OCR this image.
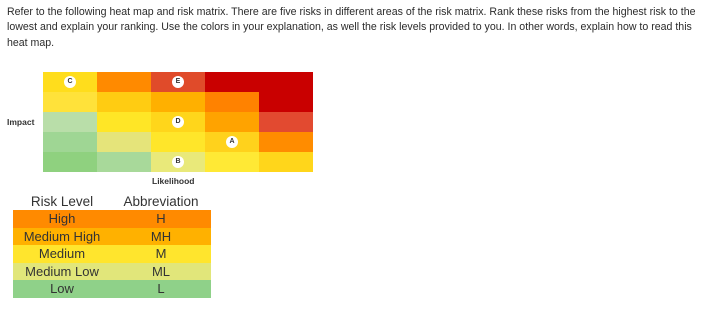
Refer to the following heat map and risk matrix. There are five risks in different areas of the risk matrix. Rank these risks from the highest risk to the lowest and explain your ranking. Use the colors in your explanation, as well the risk levels provided to you. In other words, explain how to read this heat map.
Impact
C	E
D
A
B
Likelihood
Risk Level	Abbreviation
High	H
Medium High	MH
Medium	M
Medium Low	ML
Low	L
